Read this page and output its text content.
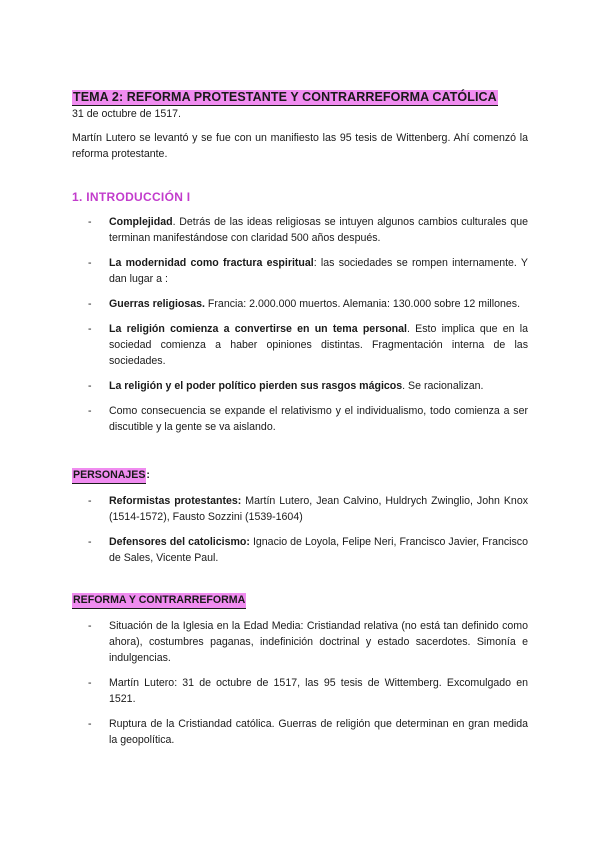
TEMA 2: REFORMA PROTESTANTE Y CONTRARREFORMA CATÓLICA
31 de octubre de 1517.
Martín Lutero se levantó y se fue con un manifiesto las 95 tesis de Wittenberg. Ahí comenzó la reforma protestante.
1. INTRODUCCIÓN I
- Complejidad. Detrás de las ideas religiosas se intuyen algunos cambios culturales que terminan manifestándose con claridad 500 años después.
- La modernidad como fractura espiritual: las sociedades se rompen internamente. Y dan lugar a :
- Guerras religiosas. Francia: 2.000.000 muertos. Alemania: 130.000 sobre 12 millones.
- La religión comienza a convertirse en un tema personal. Esto implica que en la sociedad comienza a haber opiniones distintas. Fragmentación interna de las sociedades.
- La religión y el poder político pierden sus rasgos mágicos. Se racionalizan.
- Como consecuencia se expande el relativismo y el individualismo, todo comienza a ser discutible y la gente se va aislando.
PERSONAJES:
- Reformistas protestantes: Martín Lutero, Jean Calvino, Huldrych Zwinglio, John Knox (1514-1572), Fausto Sozzini (1539-1604)
- Defensores del catolicismo: Ignacio de Loyola, Felipe Neri, Francisco Javier, Francisco de Sales, Vicente Paul.
REFORMA Y CONTRARREFORMA
- Situación de la Iglesia en la Edad Media: Cristiandad relativa (no está tan definido como ahora), costumbres paganas, indefinición doctrinal y estado sacerdotes. Simonía e indulgencias.
- Martín Lutero: 31 de octubre de 1517, las 95 tesis de Wittemberg. Excomulgado en 1521.
- Ruptura de la Cristiandad católica. Guerras de religión que determinan en gran medida la geopolítica.
